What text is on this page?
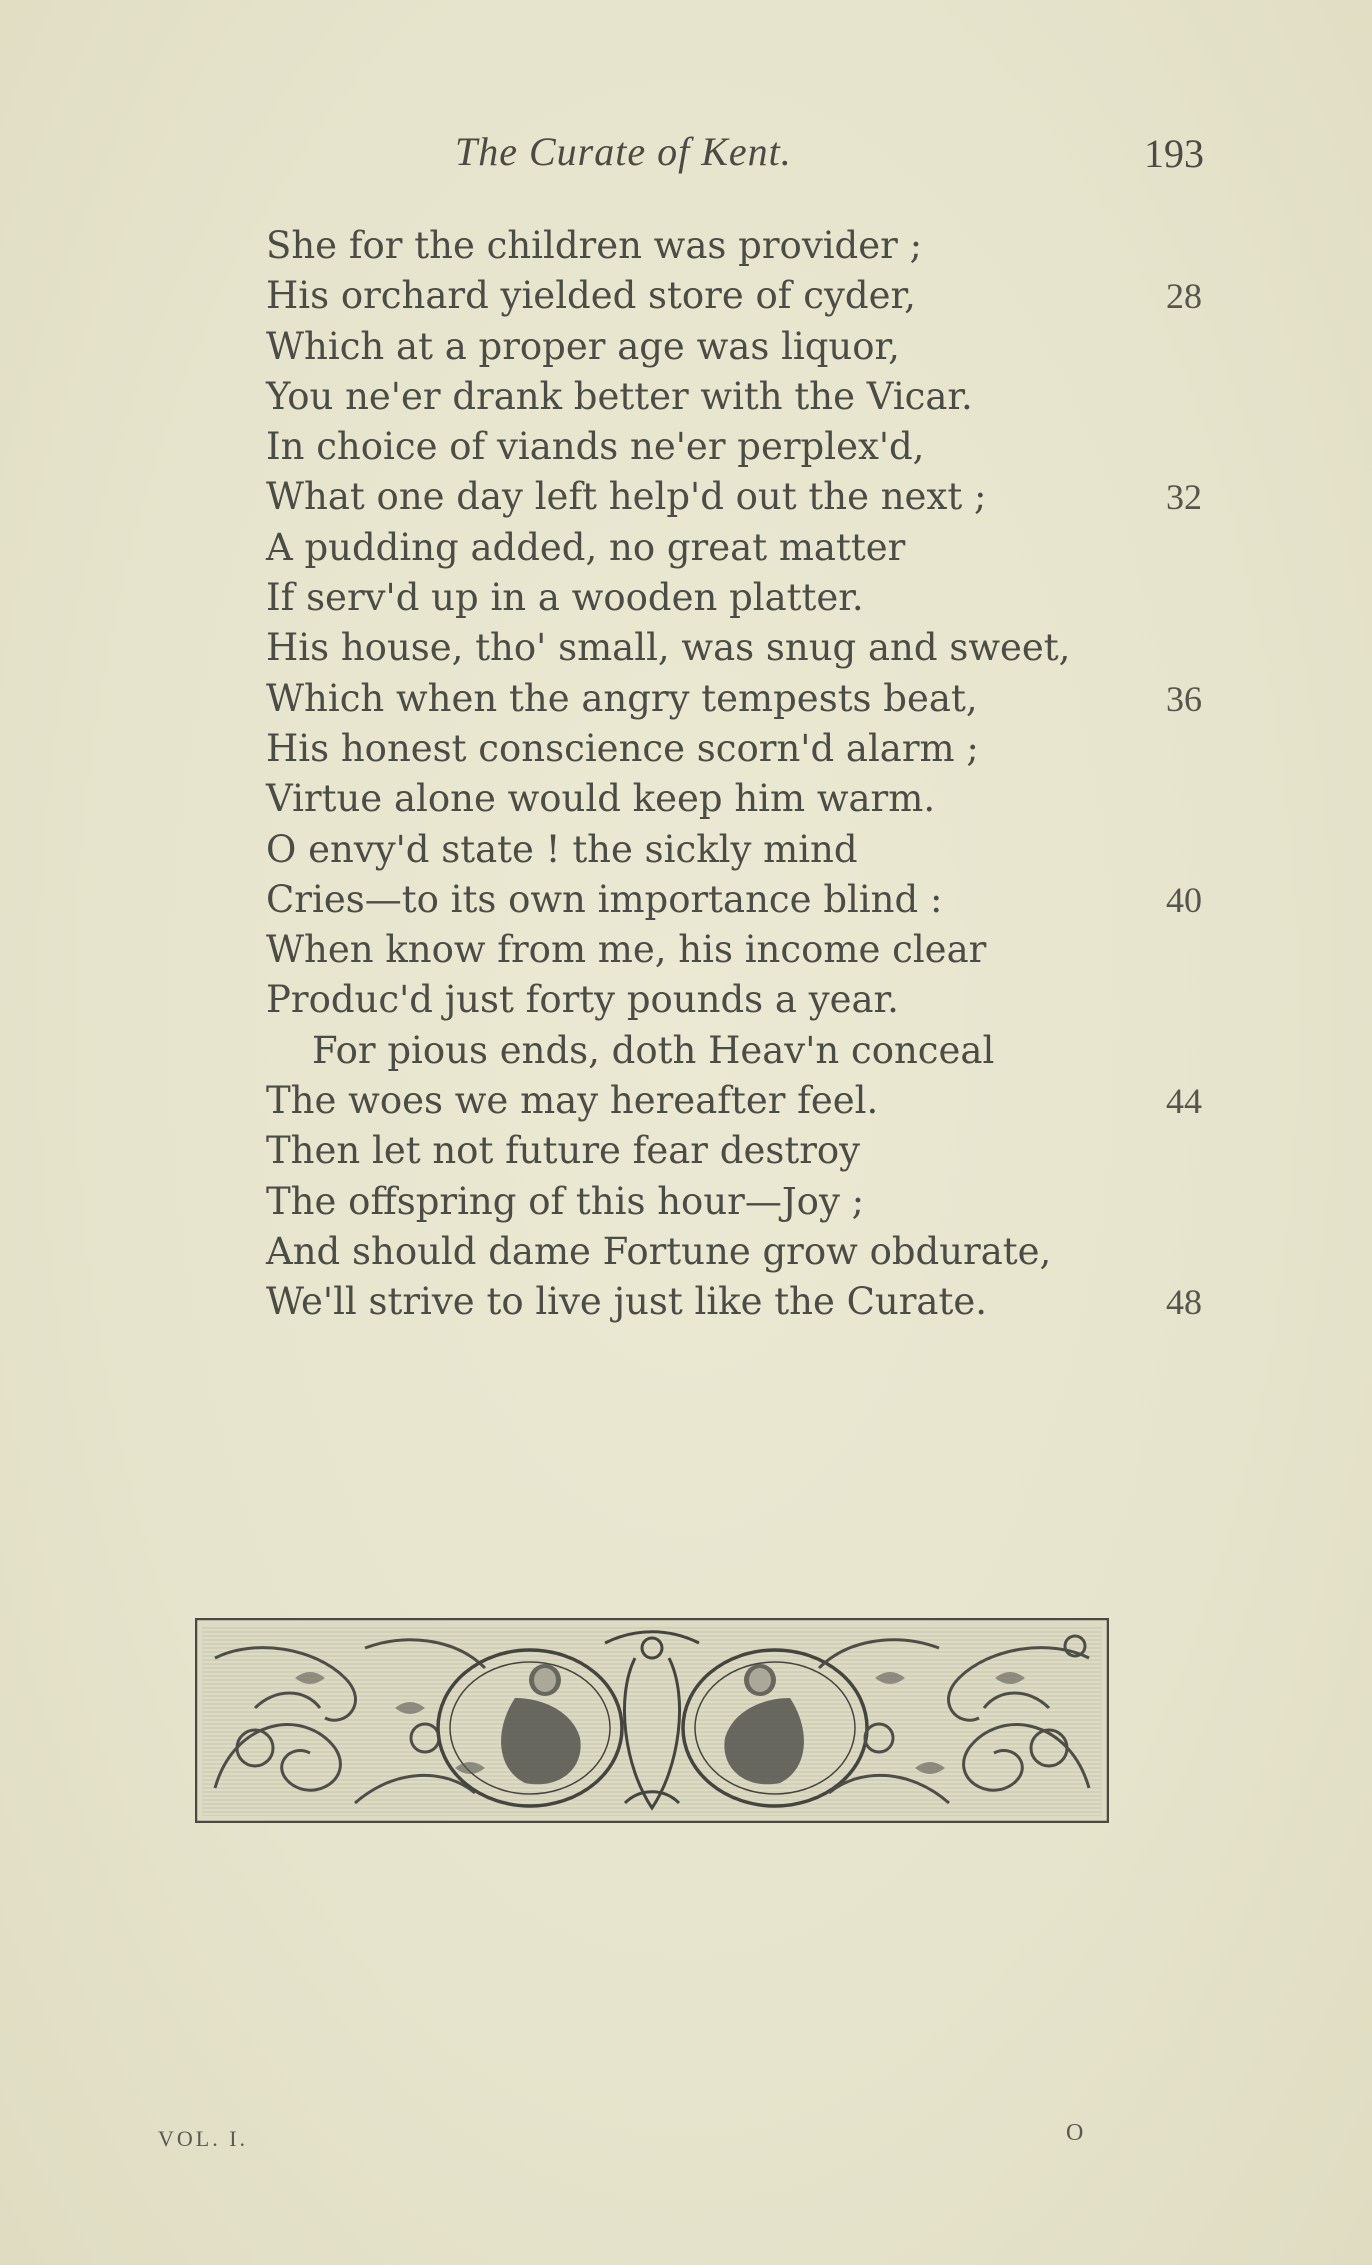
The Curate of Kent.	193
She for the children was provider ;
His orchard yielded store of cyder,	28
Which at a proper age was liquor,
You ne'er drank better with the Vicar.
In choice of viands ne'er perplex'd,
What one day left help'd out the next ;	32
A pudding added, no great matter
If serv'd up in a wooden platter.
His house, tho' small, was snug and sweet,
Which when the angry tempests beat,	36
His honest conscience scorn'd alarm ;
Virtue alone would keep him warm.
O envy'd state ! the sickly mind
Cries—to its own importance blind :	40
When know from me, his income clear
Produc'd just forty pounds a year.
For pious ends, doth Heav'n conceal
The woes we may hereafter feel.	44
Then let not future fear destroy
The offspring of this hour—Joy ;
And should dame Fortune grow obdurate,
We'll strive to live just like the Curate.	48
VOL. I.	O
